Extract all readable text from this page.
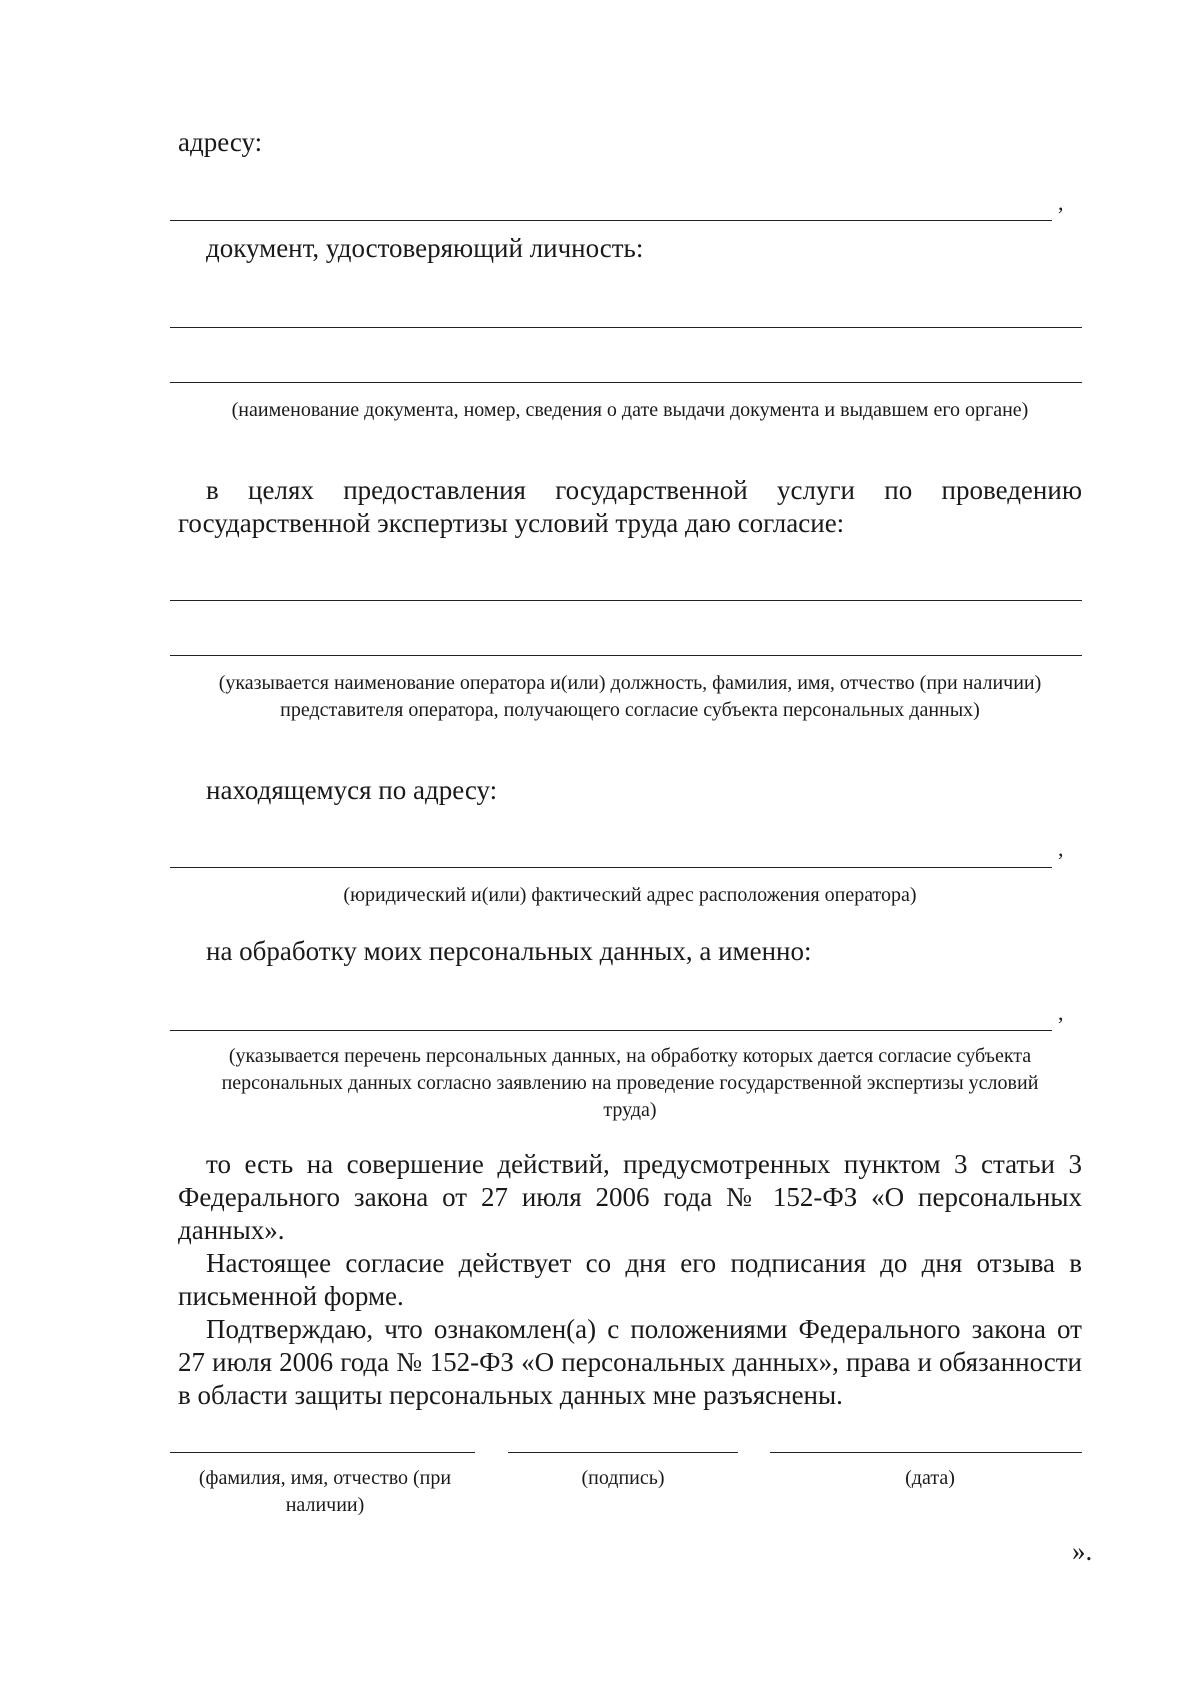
адресу:
,
документ, удостоверяющий личность:
(наименование документа, номер, сведения о дате выдачи документа и выдавшем его органе)
в целях предоставления государственной услуги по проведению государственной экспертизы условий труда даю согласие:
(указывается наименование оператора и(или) должность, фамилия, имя, отчество (при наличии) представителя оператора, получающего согласие субъекта персональных данных)
находящемуся по адресу:
,
(юридический и(или) фактический адрес расположения оператора)
на обработку моих персональных данных, а именно:
,
(указывается перечень персональных данных, на обработку которых дается согласие субъекта персональных данных согласно заявлению на проведение государственной экспертизы условий труда)
то есть на совершение действий, предусмотренных пунктом 3 статьи 3 Федерального закона от 27 июля 2006 года № 152-ФЗ «О персональных данных».
Настоящее согласие действует со дня его подписания до дня отзыва в письменной форме.
Подтверждаю, что ознакомлен(а) с положениями Федерального закона от 27 июля 2006 года № 152-ФЗ «О персональных данных», права и обязанности в области защиты персональных данных мне разъяснены.
(фамилия, имя, отчество (при наличии)
(подпись)	(дата)
».
